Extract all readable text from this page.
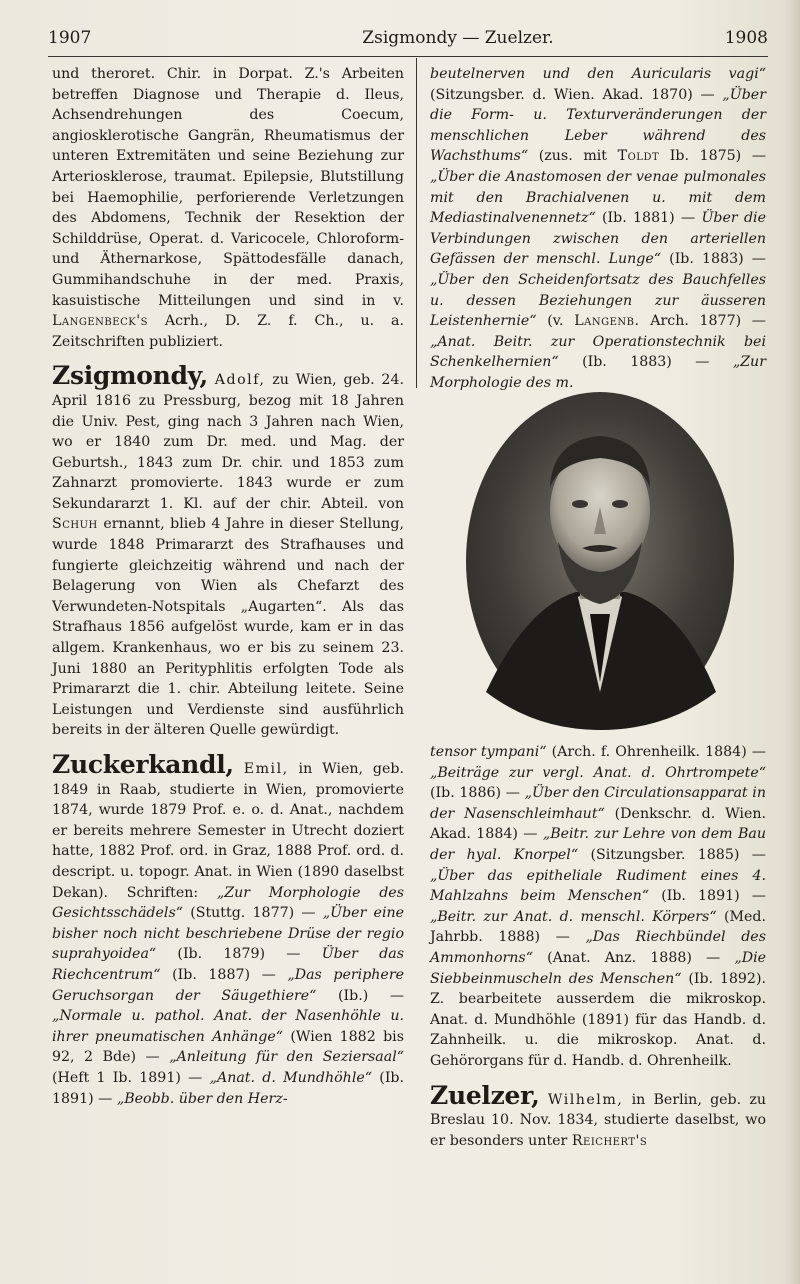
1907	Zsigmondy — Zuelzer.	1908

und theroret. Chir. in Dorpat. Z.'s Arbeiten betreffen Diagnose und Therapie d. Ileus, Achsendrehungen des Coecum, angiosklerotische Gangrän, Rheumatismus der unteren Extremitäten und seine Beziehung zur Arteriosklerose, traumat. Epilepsie, Blutstillung bei Haemophilie, perforierende Verletzungen des Abdomens, Technik der Resektion der Schilddrüse, Operat. d. Varicocele, Chloroform- und Äthernarkose, Spättodesfälle danach, Gummihandschuhe in der med. Praxis, kasuistische Mitteilungen und sind in v. Langenbeck's Acrh., D. Z. f. Ch., u. a. Zeitschriften publiziert.

Zsigmondy, Adolf, zu Wien, geb. 24. April 1816 zu Pressburg, bezog mit 18 Jahren die Univ. Pest, ging nach 3 Jahren nach Wien, wo er 1840 zum Dr. med. und Mag. der Geburtsh., 1843 zum Dr. chir. und 1853 zum Zahnarzt promovierte. 1843 wurde er zum Sekundararzt 1. Kl. auf der chir. Abteil. von Schuh ernannt, blieb 4 Jahre in dieser Stellung, wurde 1848 Primararzt des Strafhauses und fungierte gleichzeitig während und nach der Belagerung von Wien als Chefarzt des Verwundeten-Notspitals „Augarten“. Als das Strafhaus 1856 aufgelöst wurde, kam er in das allgem. Krankenhaus, wo er bis zu seinem 23. Juni 1880 an Perityphlitis erfolgten Tode als Primararzt die 1. chir. Abteilung leitete. Seine Leistungen und Verdienste sind ausführlich bereits in der älteren Quelle gewürdigt.

Zuckerkandl, Emil, in Wien, geb. 1849 in Raab, studierte in Wien, promovierte 1874, wurde 1879 Prof. e. o. d. Anat., nachdem er bereits mehrere Semester in Utrecht doziert hatte, 1882 Prof. ord. in Graz, 1888 Prof. ord. d. descript. u. topogr. Anat. in Wien (1890 daselbst Dekan). Schriften: „Zur Morphologie des Gesichtsschädels“ (Stuttg. 1877) — „Über eine bisher noch nicht beschriebene Drüse der regio suprahyoidea“ (Ib. 1879) — Über das Riechcentrum“ (Ib. 1887) — „Das periphere Geruchsorgan der Säugethiere“ (Ib.) — „Normale u. pathol. Anat. der Nasenhöhle u. ihrer pneumatischen Anhänge“ (Wien 1882 bis 92, 2 Bde) — „Anleitung für den Seziersaal“ (Heft 1 Ib. 1891) — „Anat. d. Mundhöhle“ (Ib. 1891) — „Beobb. über den Herz-

beutelnerven und den Auricularis vagi“ (Sitzungsber. d. Wien. Akad. 1870) — „Über die Form- u. Texturveränderungen der menschlichen Leber während des Wachsthums“ (zus. mit Toldt Ib. 1875) — „Über die Anastomosen der venae pulmonales mit den Brachialvenen u. mit dem Mediastinalvenennetz“ (Ib. 1881) — Über die Verbindungen zwischen den arteriellen Gefässen der menschl. Lunge“ (Ib. 1883) — „Über den Scheidenfortsatz des Bauchfelles u. dessen Beziehungen zur äusseren Leistenhernie“ (v. Langenb. Arch. 1877) — „Anat. Beitr. zur Operationstechnik bei Schenkelhernien“ (Ib. 1883) — „Zur Morphologie des m.

tensor tympani“ (Arch. f. Ohrenheilk. 1884) — „Beiträge zur vergl. Anat. d. Ohrtrompete“ (Ib. 1886) — „Über den Circulationsapparat in der Nasenschleimhaut“ (Denkschr. d. Wien. Akad. 1884) — „Beitr. zur Lehre von dem Bau der hyal. Knorpel“ (Sitzungsber. 1885) — „Über das epitheliale Rudiment eines 4. Mahlzahns beim Menschen“ (Ib. 1891) — „Beitr. zur Anat. d. menschl. Körpers“ (Med. Jahrbb. 1888) — „Das Riechbündel des Ammonhorns“ (Anat. Anz. 1888) — „Die Siebbeinmuscheln des Menschen“ (Ib. 1892). Z. bearbeitete ausserdem die mikroskop. Anat. d. Mundhöhle (1891) für das Handb. d. Zahnheilk. u. die mikroskop. Anat. d. Gehörorgans für d. Handb. d. Ohrenheilk.

Zuelzer, Wilhelm, in Berlin, geb. zu Breslau 10. Nov. 1834, studierte daselbst, wo er besonders unter Reichert's
